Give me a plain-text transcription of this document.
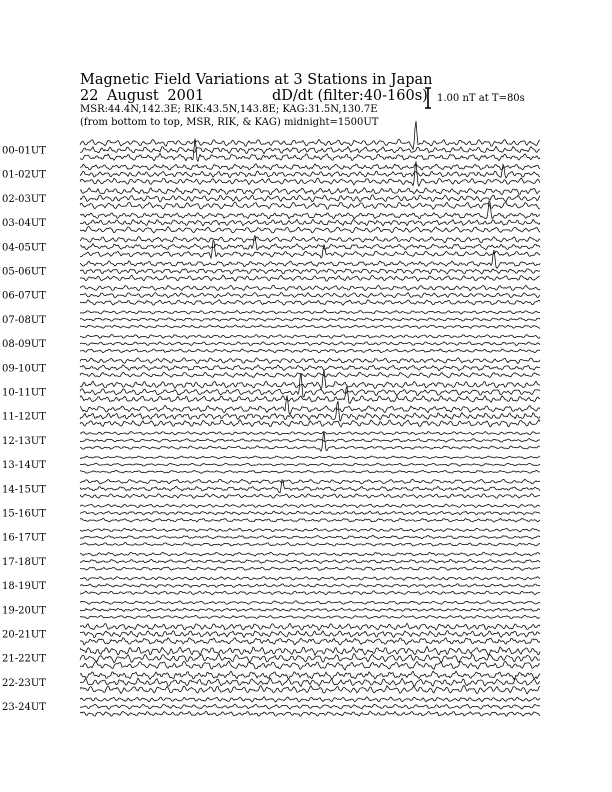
Magnetic Field Variations at 3 Stations in Japan
22 August 2001	dD/dt (filter:40-160s)
MSR:44.4N,142.3E; RIK:43.5N,143.8E; KAG:31.5N,130.7E
(from bottom to top, MSR, RIK, & KAG) midnight=1500UT
1.00 nT at T=80s
00-01UT
01-02UT
02-03UT
03-04UT
04-05UT
05-06UT
06-07UT
07-08UT
08-09UT
09-10UT
10-11UT
11-12UT
12-13UT
13-14UT
14-15UT
15-16UT
16-17UT
17-18UT
18-19UT
19-20UT
20-21UT
21-22UT
22-23UT
23-24UT
